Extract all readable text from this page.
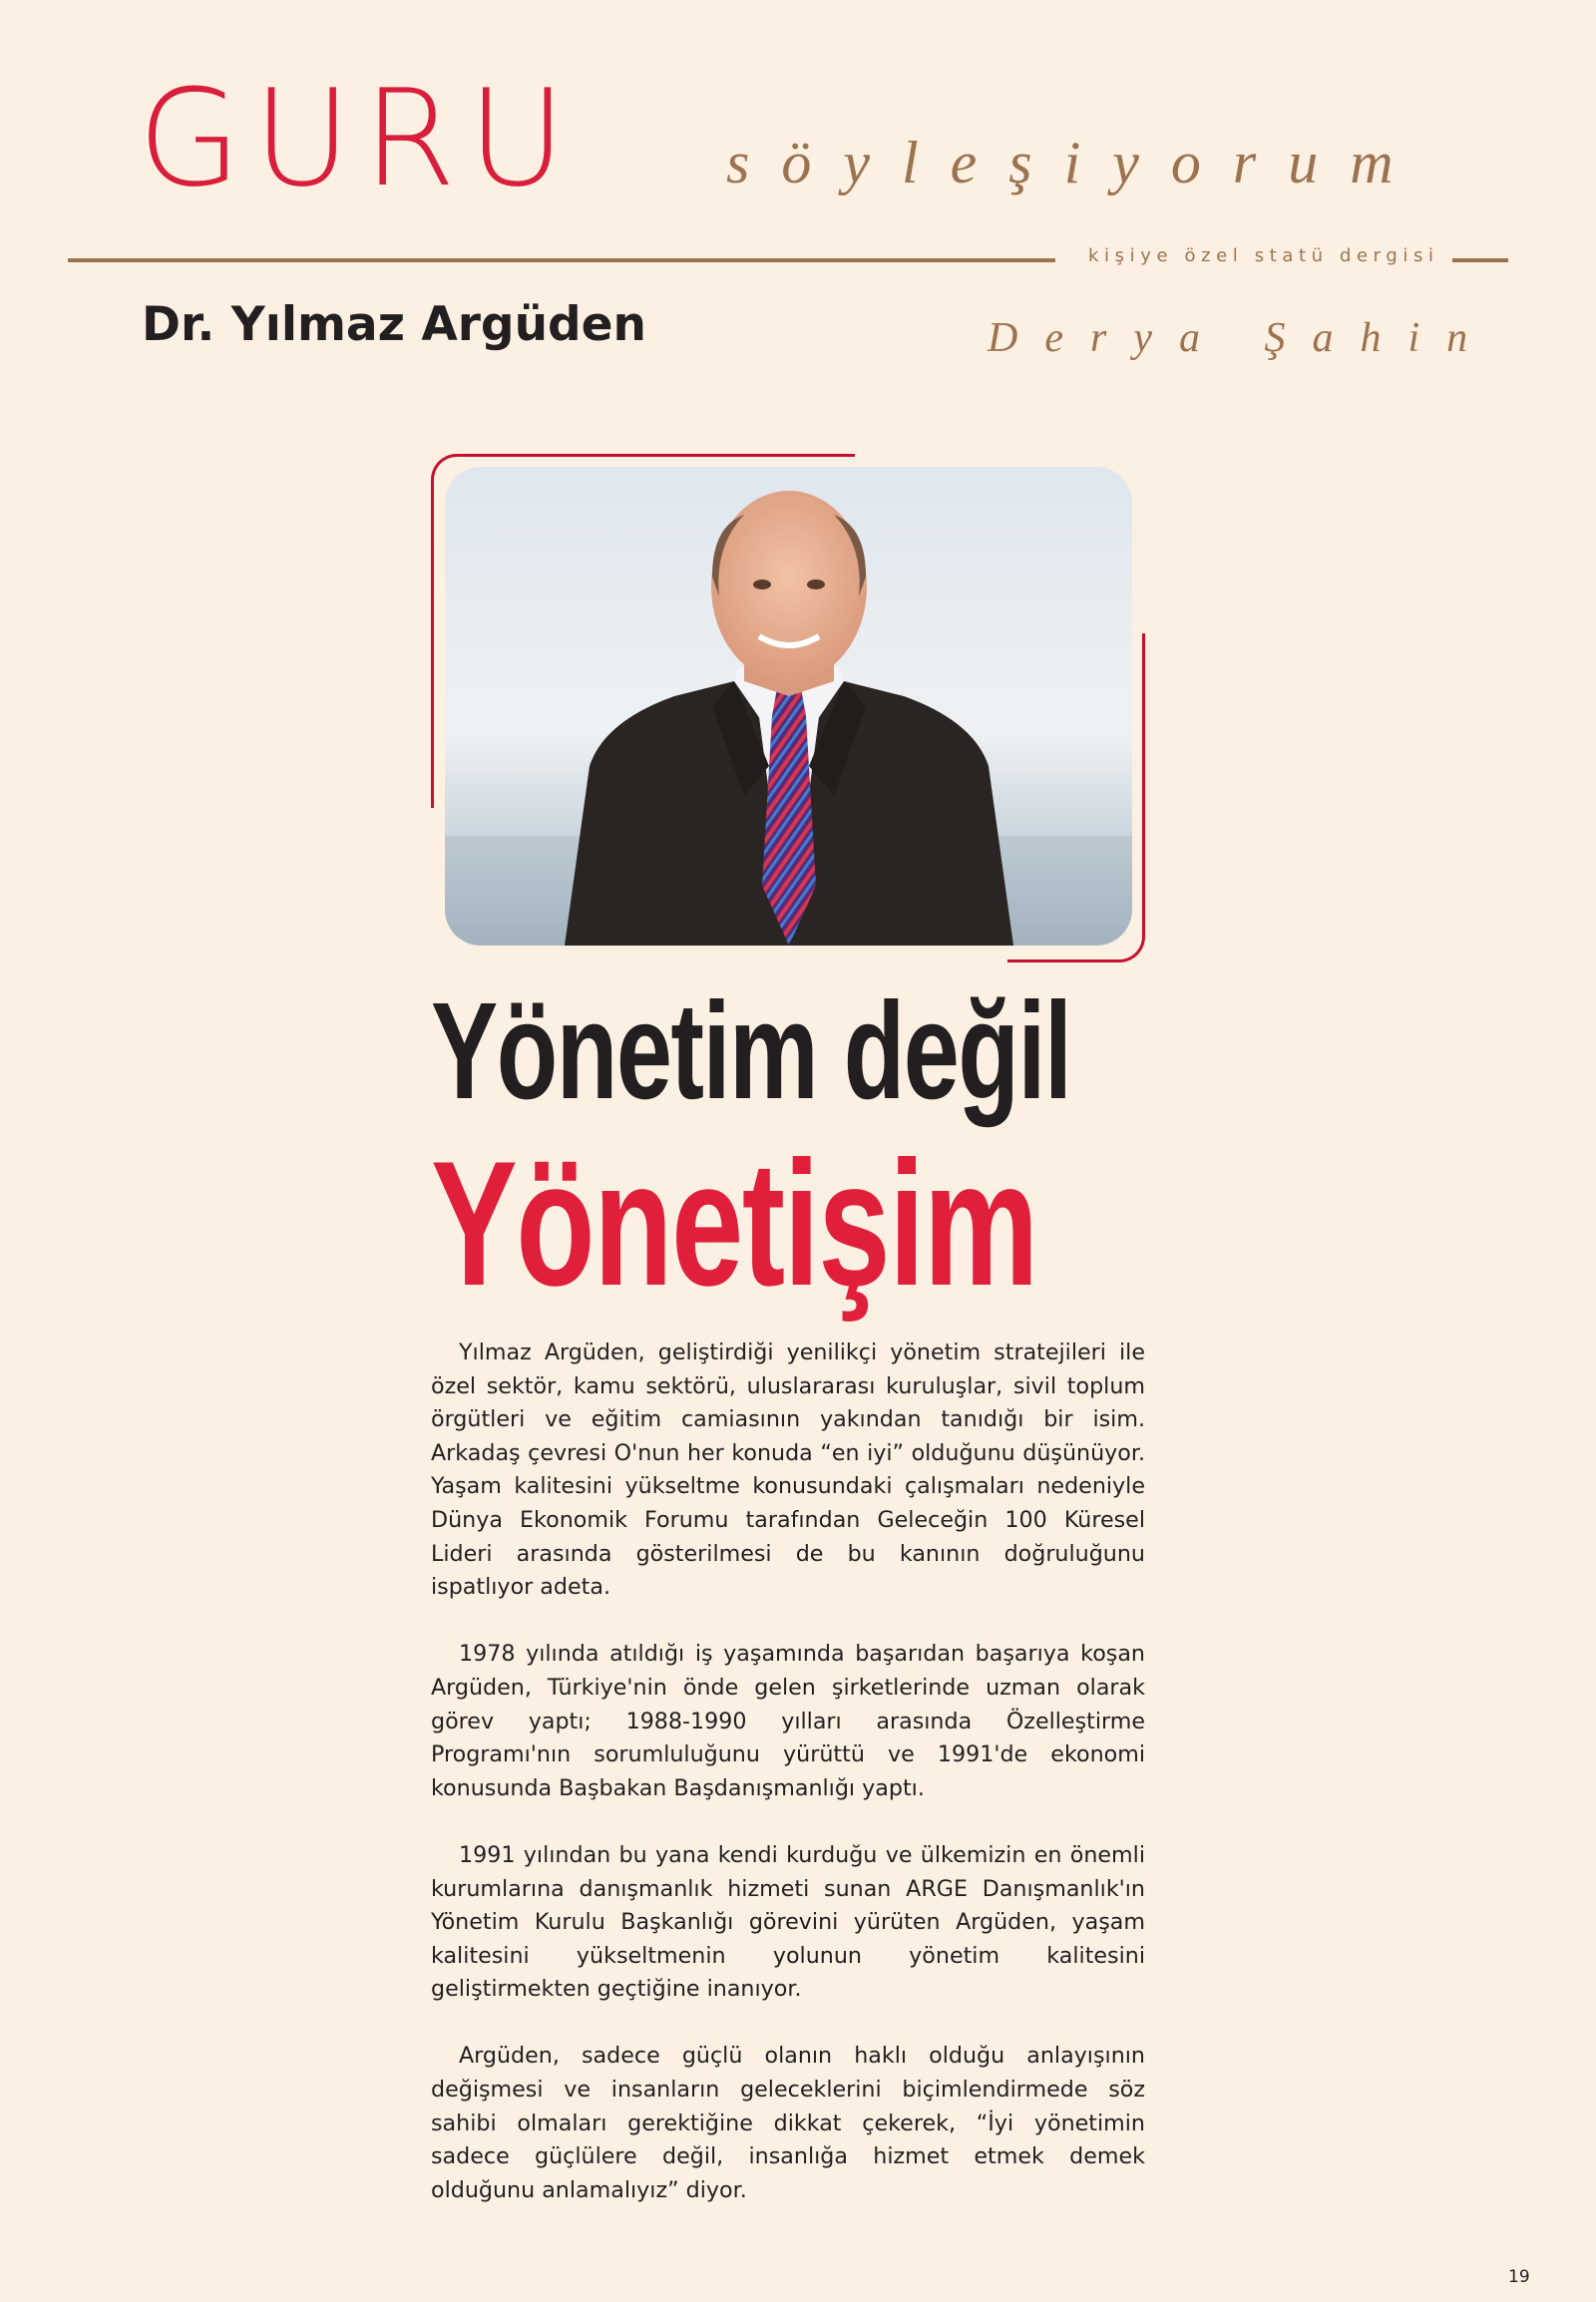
GURU söyleşiyorum
kişiye özel statü dergisi
Dr. Yılmaz Argüden	Derya Şahin
Yönetim değil
Yönetişim

Yılmaz Argüden, geliştirdiği yenilikçi yönetim stratejileri ile özel sektör, kamu sektörü, uluslararası kuruluşlar, sivil toplum örgütleri ve eğitim camiasının yakından tanıdığı bir isim. Arkadaş çevresi O'nun her konuda “en iyi” olduğunu düşünüyor. Yaşam kalitesini yükseltme konusundaki çalışmaları nedeniyle Dünya Ekonomik Forumu tarafından Geleceğin 100 Küresel Lideri arasında gösterilmesi de bu kanının doğruluğunu ispatlıyor adeta.

1978 yılında atıldığı iş yaşamında başarıdan başarıya koşan Argüden, Türkiye'nin önde gelen şirketlerinde uzman olarak görev yaptı; 1988-1990 yılları arasında Özelleştirme Programı'nın sorumluluğunu yürüttü ve 1991'de ekonomi konusunda Başbakan Başdanışmanlığı yaptı.

1991 yılından bu yana kendi kurduğu ve ülkemizin en önemli kurumlarına danışmanlık hizmeti sunan ARGE Danışmanlık'ın Yönetim Kurulu Başkanlığı görevini yürüten Argüden, yaşam kalitesini yükseltmenin yolunun yönetim kalitesini geliştirmekten geçtiğine inanıyor.

Argüden, sadece güçlü olanın haklı olduğu anlayışının değişmesi ve insanların geleceklerini biçimlendirmede söz sahibi olmaları gerektiğine dikkat çekerek, “İyi yönetimin sadece güçlülere değil, insanlığa hizmet etmek demek olduğunu anlamalıyız” diyor.

19
